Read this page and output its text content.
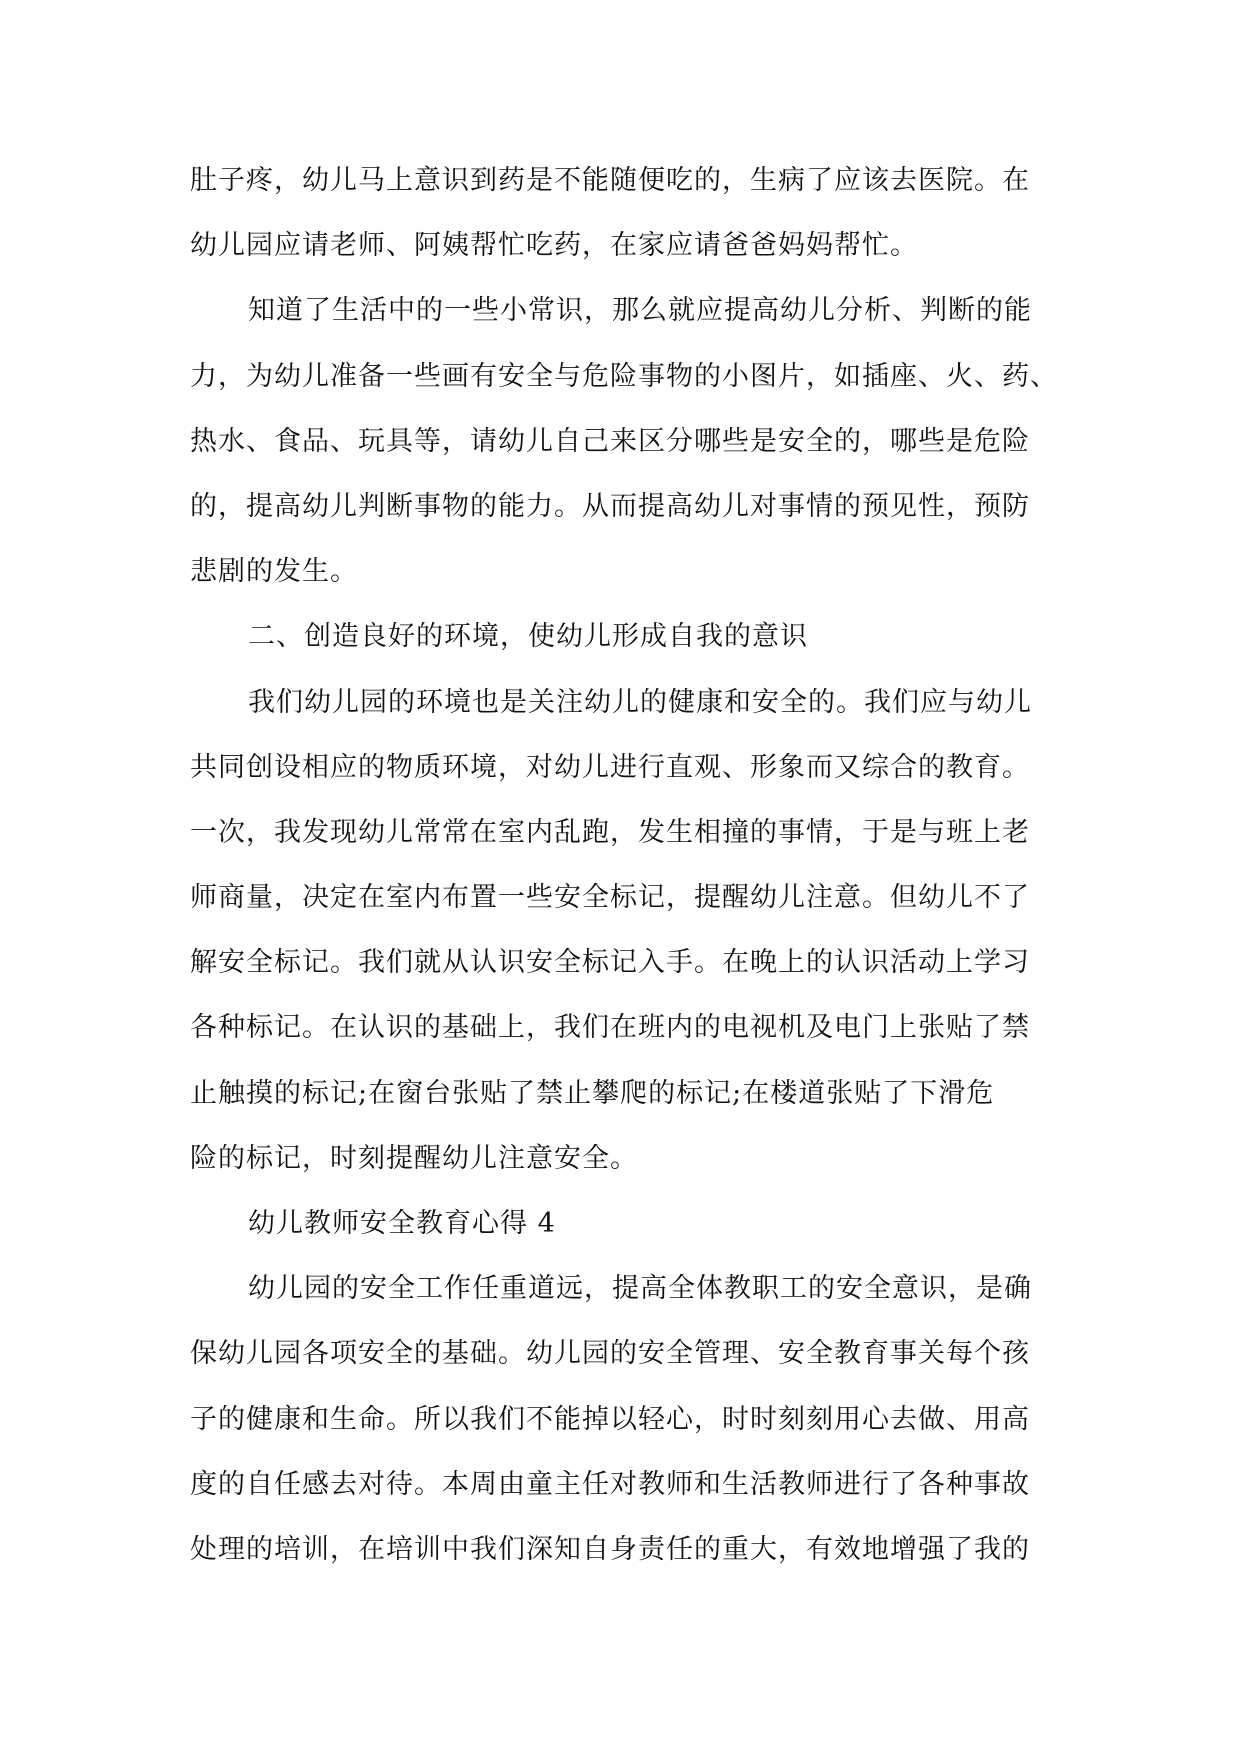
肚子疼，幼儿马上意识到药是不能随便吃的，生病了应该去医院。在
幼儿园应请老师、阿姨帮忙吃药，在家应请爸爸妈妈帮忙。
知道了生活中的一些小常识，那么就应提高幼儿分析、判断的能
力，为幼儿准备一些画有安全与危险事物的小图片，如插座、火、药、
热水、食品、玩具等，请幼儿自己来区分哪些是安全的，哪些是危险
的，提高幼儿判断事物的能力。从而提高幼儿对事情的预见性，预防
悲剧的发生。
二、创造良好的环境，使幼儿形成自我的意识
我们幼儿园的环境也是关注幼儿的健康和安全的。我们应与幼儿
共同创设相应的物质环境，对幼儿进行直观、形象而又综合的教育。
一次，我发现幼儿常常在室内乱跑，发生相撞的事情，于是与班上老
师商量，决定在室内布置一些安全标记，提醒幼儿注意。但幼儿不了
解安全标记。我们就从认识安全标记入手。在晚上的认识活动上学习
各种标记。在认识的基础上，我们在班内的电视机及电门上张贴了禁
止触摸的标记;在窗台张贴了禁止攀爬的标记;在楼道张贴了下滑危
险的标记，时刻提醒幼儿注意安全。
幼儿教师安全教育心得 4
幼儿园的安全工作任重道远，提高全体教职工的安全意识，是确
保幼儿园各项安全的基础。幼儿园的安全管理、安全教育事关每个孩
子的健康和生命。所以我们不能掉以轻心，时时刻刻用心去做、用高
度的自任感去对待。本周由童主任对教师和生活教师进行了各种事故
处理的培训，在培训中我们深知自身责任的重大，有效地增强了我的
